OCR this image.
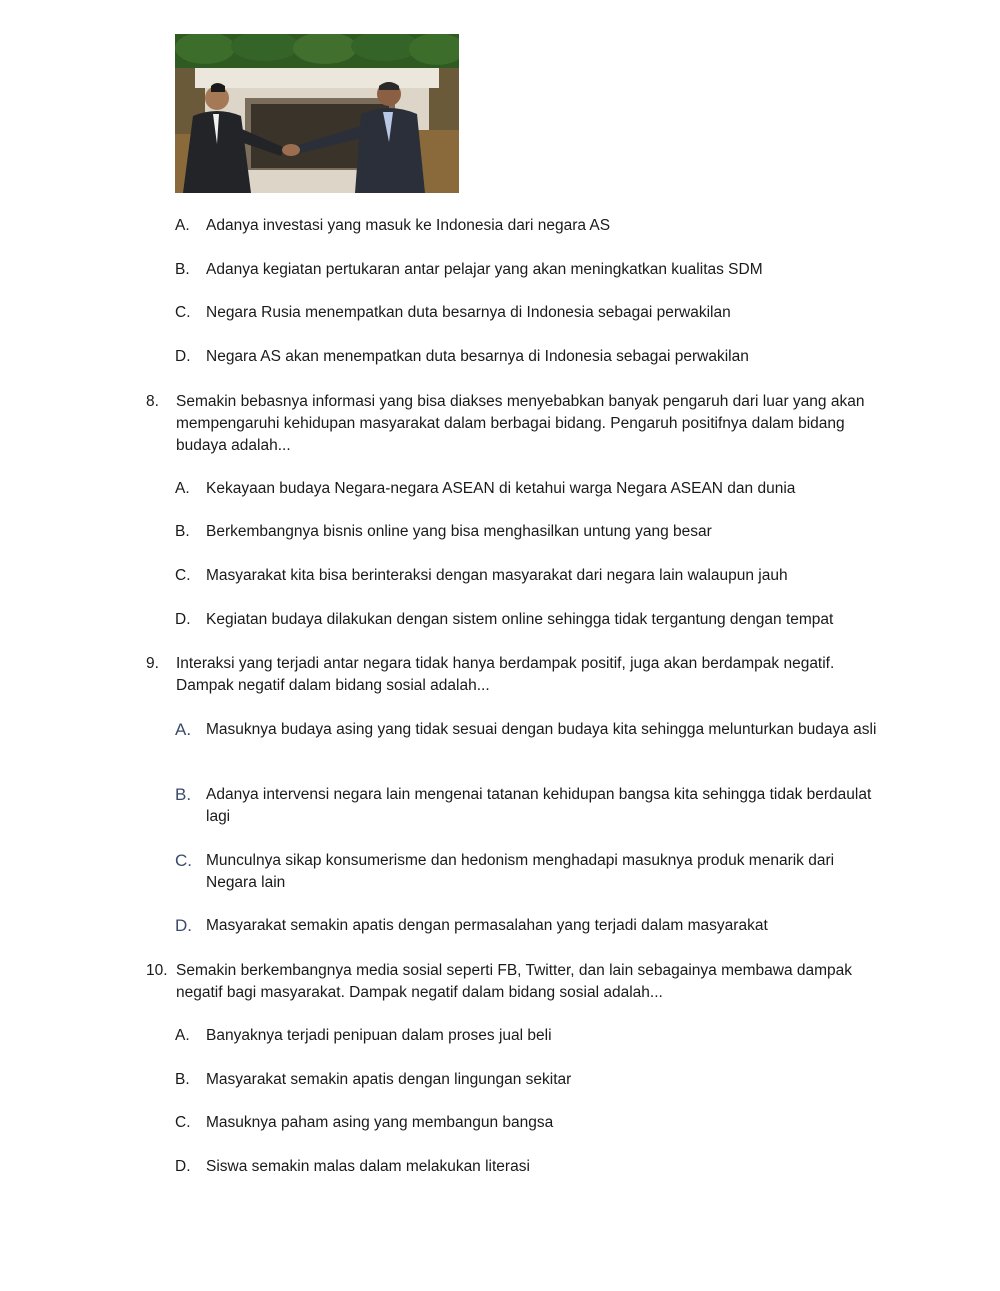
A.	Adanya investasi yang masuk ke Indonesia dari negara AS
B.	Adanya kegiatan pertukaran antar pelajar yang akan meningkatkan kualitas SDM
C.	Negara Rusia menempatkan duta besarnya di Indonesia sebagai perwakilan
D.	Negara AS akan menempatkan duta besarnya di Indonesia sebagai perwakilan
8.	Semakin bebasnya informasi yang bisa diakses menyebabkan banyak pengaruh dari luar yang akan mempengaruhi kehidupan masyarakat dalam berbagai bidang. Pengaruh positifnya dalam bidang budaya adalah...
A.	Kekayaan budaya Negara-negara ASEAN di ketahui warga Negara ASEAN dan dunia
B.	Berkembangnya bisnis online yang bisa menghasilkan untung yang besar
C.	Masyarakat kita bisa berinteraksi dengan masyarakat dari negara lain walaupun jauh
D.	Kegiatan budaya dilakukan dengan sistem online sehingga tidak tergantung dengan tempat
9.	Interaksi yang terjadi antar negara tidak hanya berdampak positif, juga akan berdampak negatif. Dampak negatif dalam bidang sosial adalah...
A. Masuknya budaya asing yang tidak sesuai dengan budaya kita sehingga melunturkan budaya asli
B. Adanya intervensi negara lain mengenai tatanan kehidupan bangsa kita sehingga tidak berdaulat lagi
C. Munculnya sikap konsumerisme dan hedonism menghadapi masuknya produk menarik dari Negara lain
D. Masyarakat semakin apatis dengan permasalahan yang terjadi dalam masyarakat
10. Semakin berkembangnya media sosial seperti FB, Twitter, dan lain sebagainya membawa dampak negatif bagi masyarakat. Dampak negatif dalam bidang sosial adalah...
A.	Banyaknya terjadi penipuan dalam proses jual beli
B.	Masyarakat semakin apatis dengan lingungan sekitar
C.	Masuknya paham asing yang membangun bangsa
D.	Siswa semakin malas dalam melakukan literasi
